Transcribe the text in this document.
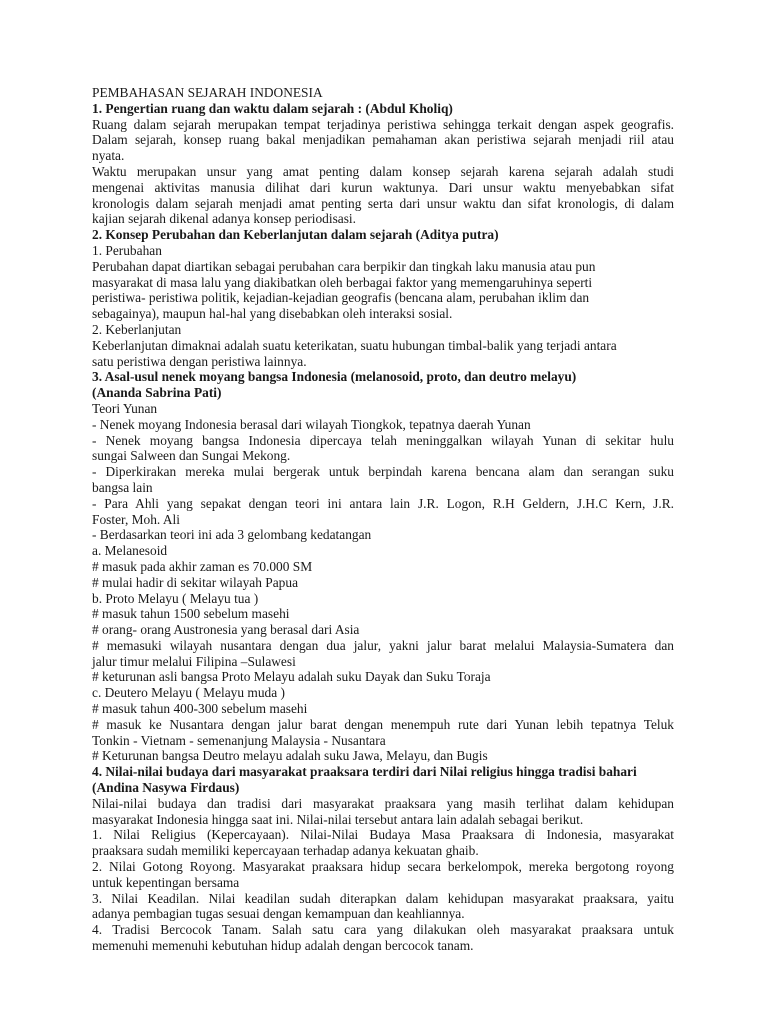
PEMBAHASAN SEJARAH INDONESIA
1. Pengertian ruang dan waktu dalam sejarah : (Abdul Kholiq)
Ruang dalam sejarah merupakan tempat terjadinya peristiwa sehingga terkait dengan aspek geografis.
Dalam sejarah, konsep ruang bakal menjadikan pemahaman akan peristiwa sejarah menjadi riil atau
nyata.
Waktu merupakan unsur yang amat penting dalam konsep sejarah karena sejarah adalah studi
mengenai aktivitas manusia dilihat dari kurun waktunya. Dari unsur waktu menyebabkan sifat
kronologis dalam sejarah menjadi amat penting serta dari unsur waktu dan sifat kronologis, di dalam
kajian sejarah dikenal adanya konsep periodisasi.
2. Konsep Perubahan dan Keberlanjutan dalam sejarah (Aditya putra)
1. Perubahan
Perubahan dapat diartikan sebagai perubahan cara berpikir dan tingkah laku manusia atau pun
masyarakat di masa lalu yang diakibatkan oleh berbagai faktor yang memengaruhinya seperti
peristiwa- peristiwa politik, kejadian-kejadian geografis (bencana alam, perubahan iklim dan
sebagainya), maupun hal-hal yang disebabkan oleh interaksi sosial.
2. Keberlanjutan
Keberlanjutan dimaknai adalah suatu keterikatan, suatu hubungan timbal-balik yang terjadi antara
satu peristiwa dengan peristiwa lainnya.
3. Asal-usul nenek moyang bangsa Indonesia (melanosoid, proto, dan deutro melayu)
(Ananda Sabrina Pati)
Teori Yunan
- Nenek moyang Indonesia berasal dari wilayah Tiongkok, tepatnya daerah Yunan
- Nenek moyang bangsa Indonesia dipercaya telah meninggalkan wilayah Yunan di sekitar hulu
sungai Salween dan Sungai Mekong.
- Diperkirakan mereka mulai bergerak untuk berpindah karena bencana alam dan serangan suku
bangsa lain
- Para Ahli yang sepakat dengan teori ini antara lain J.R. Logon, R.H Geldern, J.H.C Kern, J.R.
Foster, Moh. Ali
- Berdasarkan teori ini ada 3 gelombang kedatangan
a. Melanesoid
# masuk pada akhir zaman es 70.000 SM
# mulai hadir di sekitar wilayah Papua
b. Proto Melayu ( Melayu tua )
# masuk tahun 1500 sebelum masehi
# orang- orang Austronesia yang berasal dari Asia
# memasuki wilayah nusantara dengan dua jalur, yakni jalur barat melalui Malaysia-Sumatera dan
jalur timur melalui Filipina –Sulawesi
# keturunan asli bangsa Proto Melayu adalah suku Dayak dan Suku Toraja
c. Deutero Melayu ( Melayu muda )
# masuk tahun 400-300 sebelum masehi
# masuk ke Nusantara dengan jalur barat dengan menempuh rute dari Yunan lebih tepatnya Teluk
Tonkin - Vietnam - semenanjung Malaysia - Nusantara
# Keturunan bangsa Deutro melayu adalah suku Jawa, Melayu, dan Bugis
4. Nilai-nilai budaya dari masyarakat praaksara terdiri dari Nilai religius hingga tradisi bahari
(Andina Nasywa Firdaus)
Nilai-nilai budaya dan tradisi dari masyarakat praaksara yang masih terlihat dalam kehidupan
masyarakat Indonesia hingga saat ini. Nilai-nilai tersebut antara lain adalah sebagai berikut.
1. Nilai Religius (Kepercayaan). Nilai-Nilai Budaya Masa Praaksara di Indonesia, masyarakat
praaksara sudah memiliki kepercayaan terhadap adanya kekuatan ghaib.
2. Nilai Gotong Royong. Masyarakat praaksara hidup secara berkelompok, mereka bergotong royong
untuk kepentingan bersama
3. Nilai Keadilan. Nilai keadilan sudah diterapkan dalam kehidupan masyarakat praaksara, yaitu
adanya pembagian tugas sesuai dengan kemampuan dan keahliannya.
4. Tradisi Bercocok Tanam. Salah satu cara yang dilakukan oleh masyarakat praaksara untuk
memenuhi memenuhi kebutuhan hidup adalah dengan bercocok tanam.
